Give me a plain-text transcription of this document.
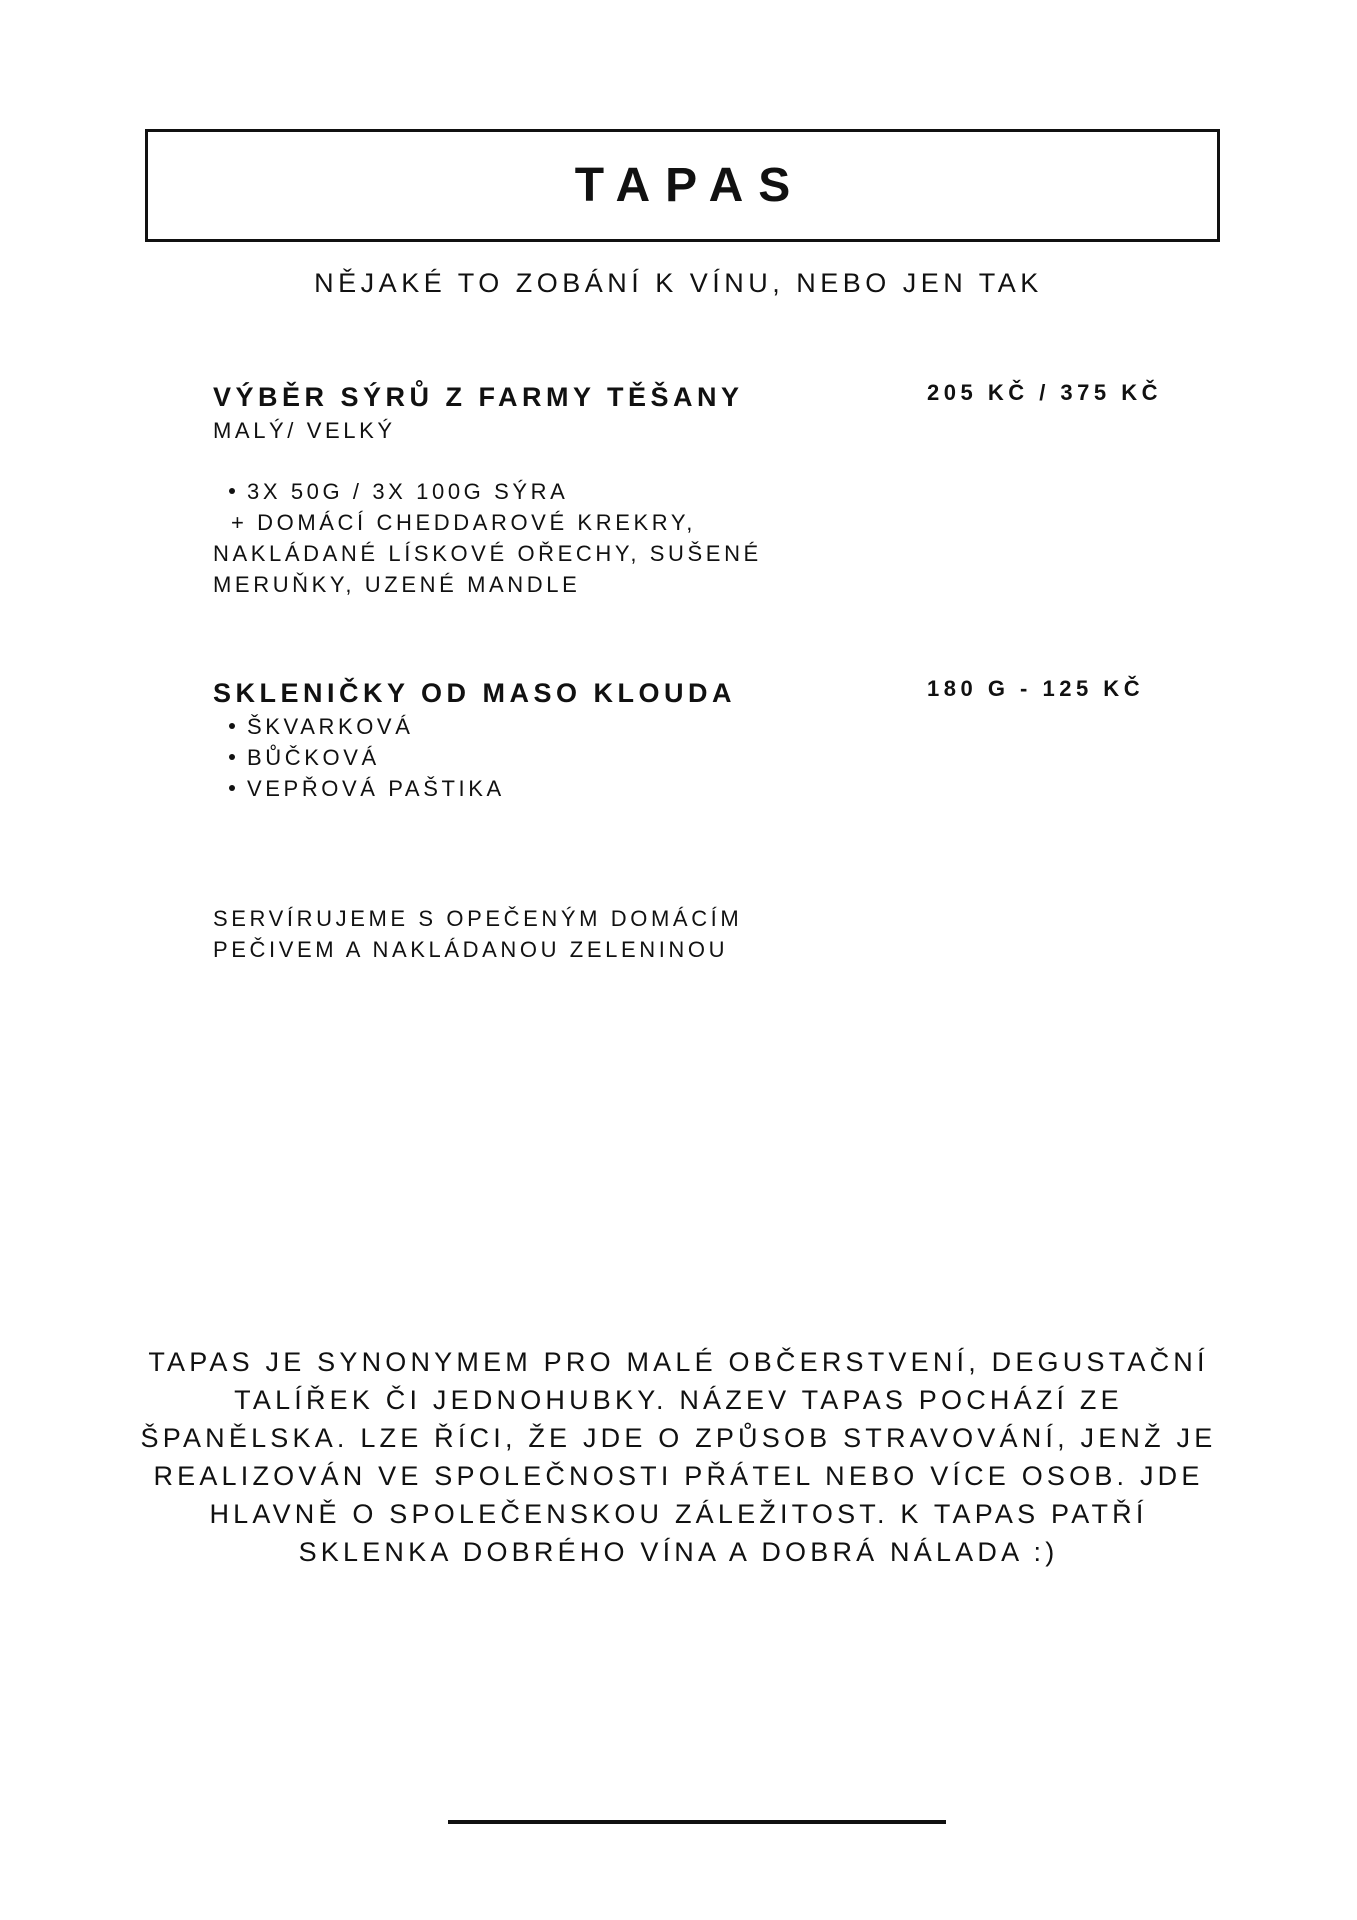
TAPAS
NĚJAKÉ TO ZOBÁNÍ K VÍNU, NEBO JEN TAK
VÝBĚR SÝRŮ Z FARMY TĚŠANY	205 KČ / 375 KČ
MALÝ/ VELKÝ
3X 50G / 3X 100G SÝRA
+ DOMÁCÍ CHEDDAROVÉ KREKRY,
NAKLÁDANÉ LÍSKOVÉ OŘECHY, SUŠENÉ
MERUŇKY, UZENÉ MANDLE
SKLENIČKY OD MASO KLOUDA	180 G - 125 KČ
ŠKVARKOVÁ
BŮČKOVÁ
VEPŘOVÁ PAŠTIKA
SERVÍRUJEME S OPEČENÝM DOMÁCÍM
PEČIVEM A NAKLÁDANOU ZELENINOU
TAPAS JE SYNONYMEM PRO MALÉ OBČERSTVENÍ, DEGUSTAČNÍ
TALÍŘEK ČI JEDNOHUBKY. NÁZEV TAPAS POCHÁZÍ ZE
ŠPANĚLSKA. LZE ŘÍCI, ŽE JDE O ZPŮSOB STRAVOVÁNÍ, JENŽ JE
REALIZOVÁN VE SPOLEČNOSTI PŘÁTEL NEBO VÍCE OSOB. JDE
HLAVNĚ O SPOLEČENSKOU ZÁLEŽITOST. K TAPAS PATŘÍ
SKLENKA DOBRÉHO VÍNA A DOBRÁ NÁLADA :)
